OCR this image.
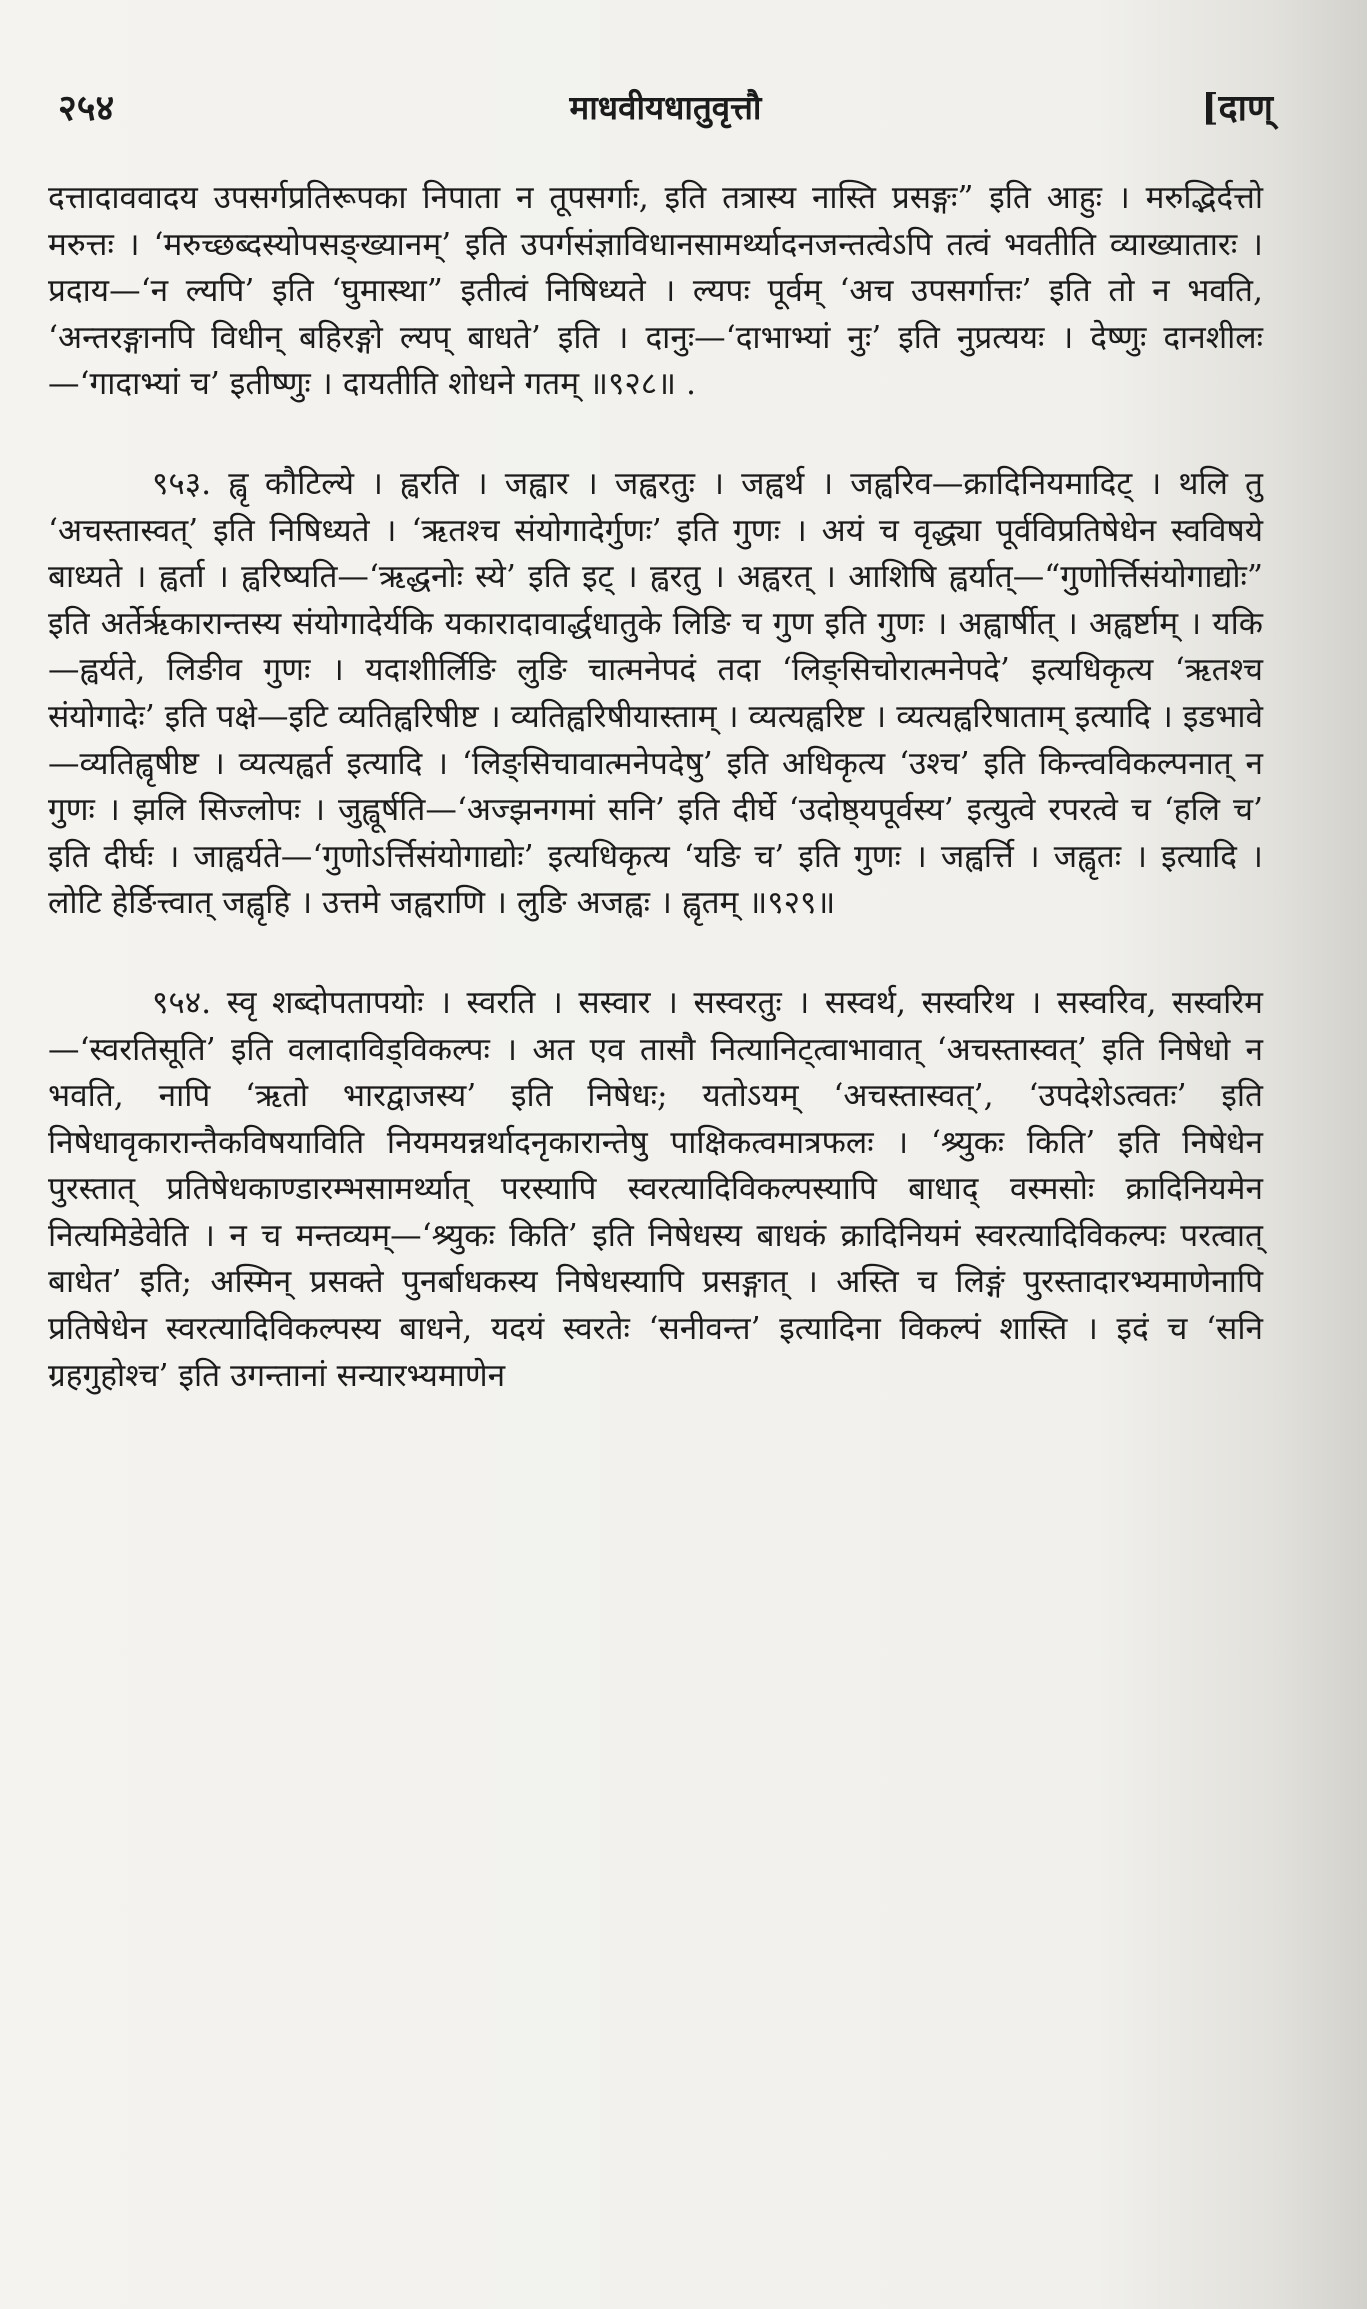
२५४	माधवीयधातुवृत्तौ	[दाण्

दत्तादाववादय उपसर्गप्रतिरूपका निपाता न तूपसर्गाः, इति तत्रास्य नास्ति प्रसङ्गः” इति आहुः । मरुद्भिर्दत्तो मरुत्तः । ‘मरुच्छब्दस्योपसङ्ख्यानम्’ इति उपर्गसंज्ञाविधानसामर्थ्यादनजन्तत्वेऽपि तत्वं भवतीति व्याख्यातारः । प्रदाय—‘न ल्यपि’ इति ‘घुमास्था” इतीत्वं निषिध्यते । ल्यपः पूर्वम् ‘अच उपसर्गात्तः’ इति तो न भवति, ‘अन्तरङ्गानपि विधीन् बहिरङ्गो ल्यप् बाधते’ इति । दानुः—‘दाभाभ्यां नुः’ इति नुप्रत्ययः । देष्णुः दानशीलः—‘गादाभ्यां च’ इतीष्णुः । दायतीति शोधने गतम् ॥९२८॥ .

९५३. ह्वृ कौटिल्ये । ह्वरति । जह्वार । जह्वरतुः । जह्वर्थ । जह्वरिव—क्रादिनियमादिट् । थलि तु ‘अचस्तास्वत्’ इति निषिध्यते । ‘ऋतश्च संयोगादेर्गुणः’ इति गुणः । अयं च वृद्ध्या पूर्वविप्रतिषेधेन स्वविषये बाध्यते । ह्वर्ता । ह्वरिष्यति—‘ऋद्धनोः स्ये’ इति इट् । ह्वरतु । अह्वरत् । आशिषि ह्वर्यात्—“गुणोर्त्तिसंयोगाद्योः” इति अर्तेर्ऋकारान्तस्य संयोगादेर्यकि यकारादावार्द्धधातुके लिङि च गुण इति गुणः । अह्वार्षीत् । अह्वर्ष्टाम् । यकि—ह्वर्यते, लिङीव गुणः । यदाशीर्लिङि लुङि चात्मनेपदं तदा ‘लिङ्सिचोरात्मनेपदे’ इत्यधिकृत्य ‘ऋतश्च संयोगादेः’ इति पक्षे—इटि व्यतिह्वरिषीष्ट । व्यतिह्वरिषीयास्ताम् । व्यत्यह्वरिष्ट । व्यत्यह्वरिषाताम् इत्यादि । इडभावे—व्यतिह्वृषीष्ट । व्यत्यह्वर्त इत्यादि । ‘लिङ्सिचावात्मनेपदेषु’ इति अधिकृत्य ‘उश्च’ इति किन्त्वविकल्पनात् न गुणः । झलि सिज्लोपः । जुह्वूर्षति—‘अज्झनगमां सनि’ इति दीर्घे ‘उदोष्ठ्यपूर्वस्य’ इत्युत्वे रपरत्वे च ‘हलि च’ इति दीर्घः । जाह्वर्यते—‘गुणोऽर्त्तिसंयोगाद्योः’ इत्यधिकृत्य ‘यङि च’ इति गुणः । जह्वर्त्ति । जह्वृतः । इत्यादि । लोटि हेर्ङित्त्वात् जह्वृहि । उत्तमे जह्वराणि । लुङि अजह्वः । ह्वृतम् ॥९२९॥

९५४. स्वृ शब्दोपतापयोः । स्वरति । सस्वार । सस्वरतुः । सस्वर्थ, सस्वरिथ । सस्वरिव, सस्वरिम—‘स्वरतिसूति’ इति वलादाविड्विकल्पः । अत एव तासौ नित्यानिट्त्वाभावात् ‘अचस्तास्वत्’ इति निषेधो न भवति, नापि ‘ऋतो भारद्वाजस्य’ इति निषेधः; यतोऽयम् ‘अचस्तास्वत्’, ‘उपदेशेऽत्वतः’ इति निषेधावृकारान्तैकविषयाविति नियमयन्नर्थादनृकारान्तेषु पाक्षिकत्वमात्रफलः । ‘श्र्युकः किति’ इति निषेधेन पुरस्तात् प्रतिषेधकाण्डारम्भसामर्थ्यात् परस्यापि स्वरत्यादिविकल्पस्यापि बाधाद् वस्मसोः क्रादिनियमेन नित्यमिडेवेति । न च मन्तव्यम्—‘श्र्युकः किति’ इति निषेधस्य बाधकं क्रादिनियमं स्वरत्यादिविकल्पः परत्वात् बाधेत’ इति; अस्मिन् प्रसक्ते पुनर्बाधकस्य निषेधस्यापि प्रसङ्गात् । अस्ति च लिङ्गं पुरस्तादारभ्यमाणेनापि प्रतिषेधेन स्वरत्यादिविकल्पस्य बाधने, यदयं स्वरतेः ‘सनीवन्त’ इत्यादिना विकल्पं शास्ति । इदं च ‘सनि ग्रहगुहोश्च’ इति उगन्तानां सन्यारभ्यमाणेन
